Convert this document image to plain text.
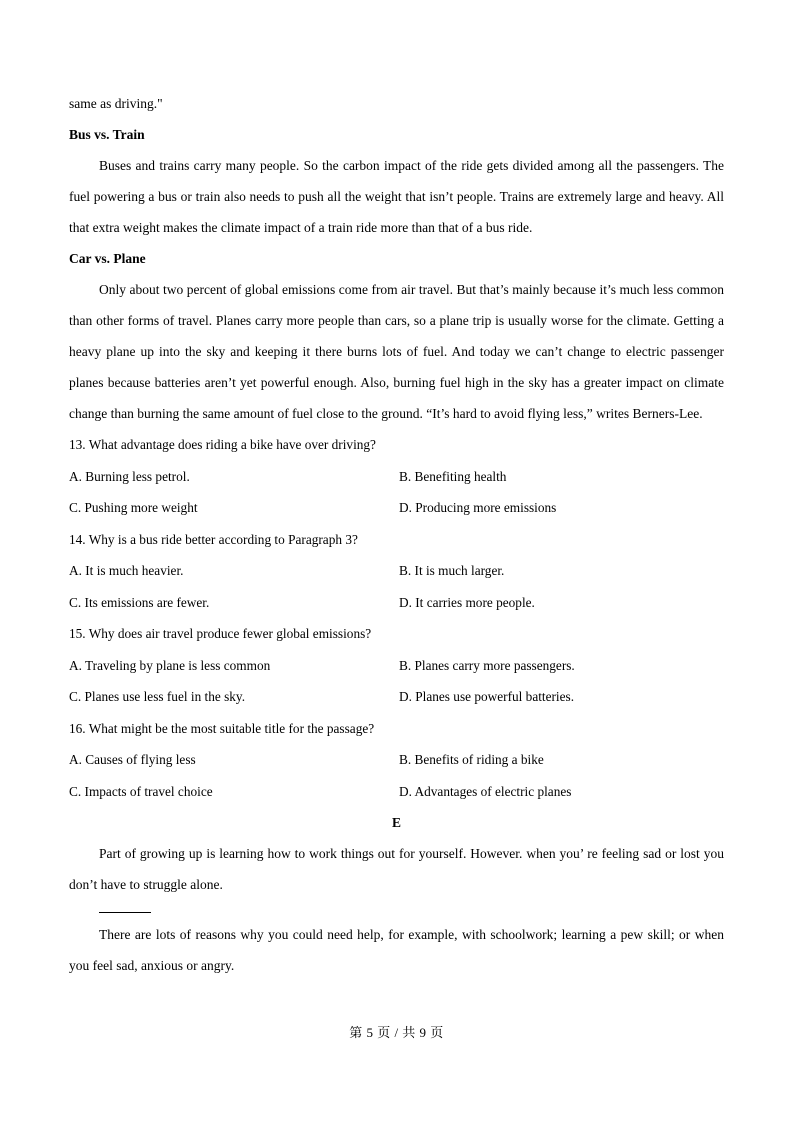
same as driving."

Bus vs. Train

Buses and trains carry many people. So the carbon impact of the ride gets divided among all the passengers. The fuel powering a bus or train also needs to push all the weight that isn’t people. Trains are extremely large and heavy. All that extra weight makes the climate impact of a train ride more than that of a bus ride.

Car vs. Plane

Only about two percent of global emissions come from air travel. But that’s mainly because it’s much less common than other forms of travel. Planes carry more people than cars, so a plane trip is usually worse for the climate. Getting a heavy plane up into the sky and keeping it there burns lots of fuel. And today we can’t change to electric passenger planes because batteries aren’t yet powerful enough. Also, burning fuel high in the sky has a greater impact on climate change than burning the same amount of fuel close to the ground. “It’s hard to avoid flying less,” writes Berners-Lee.

13. What advantage does riding a bike have over driving?

A. Burning less petrol.	B. Benefiting health
C. Pushing more weight	D. Producing more emissions

14. Why is a bus ride better according to Paragraph 3?

A. It is much heavier.	B. It is much larger.
C. Its emissions are fewer.	D. It carries more people.

15. Why does air travel produce fewer global emissions?

A. Traveling by plane is less common	B. Planes carry more passengers.
C. Planes use less fuel in the sky.	D. Planes use powerful batteries.

16. What might be the most suitable title for the passage?

A. Causes of flying less	B. Benefits of riding a bike
C. Impacts of travel choice	D. Advantages of electric planes

E

Part of growing up is learning how to work things out for yourself. However. when you’ re feeling sad or lost you don’t have to struggle alone.

There are lots of reasons why you could need help, for example, with schoolwork; learning a pew skill; or when you feel sad, anxious or angry.

第 5 页 / 共 9 页
